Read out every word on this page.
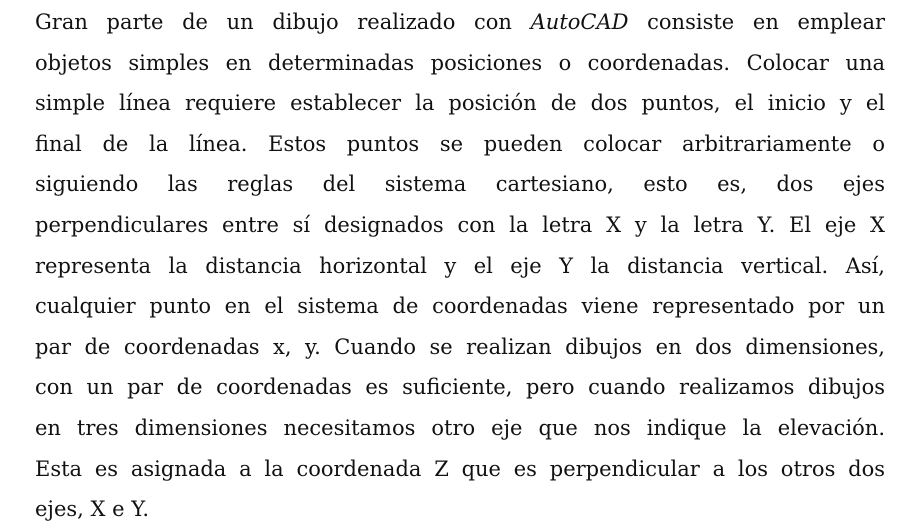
Gran parte de un dibujo realizado con AutoCAD consiste en emplear
objetos simples en determinadas posiciones o coordenadas. Colocar una
simple línea requiere establecer la posición de dos puntos, el inicio y el
final de la línea. Estos puntos se pueden colocar arbitrariamente o
siguiendo las reglas del sistema cartesiano, esto es, dos ejes
perpendiculares entre sí designados con la letra X y la letra Y. El eje X
representa la distancia horizontal y el eje Y la distancia vertical. Así,
cualquier punto en el sistema de coordenadas viene representado por un
par de coordenadas x, y. Cuando se realizan dibujos en dos dimensiones,
con un par de coordenadas es suficiente, pero cuando realizamos dibujos
en tres dimensiones necesitamos otro eje que nos indique la elevación.
Esta es asignada a la coordenada Z que es perpendicular a los otros dos
ejes, X e Y.
